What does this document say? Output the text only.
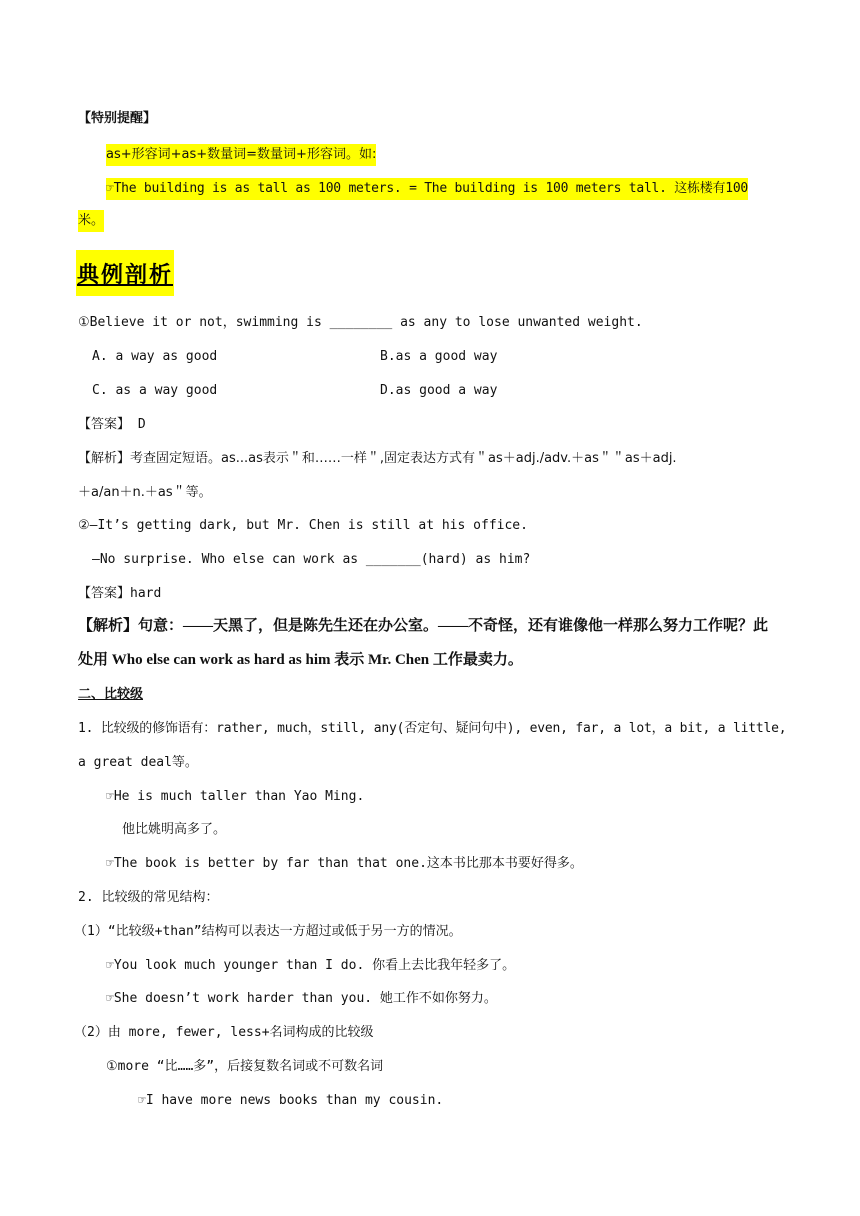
【特别提醒】
as+形容词+as+数量词=数量词+形容词。如:
☞The building is as tall as 100 meters. = The building is 100 meters tall. 这栋楼有100
米。
典例剖析
①Believe it or not，swimming is ________ as any to lose unwanted weight.
A. a way as good	B.as a good way
C. as a way good	D.as good a way
【答案】 D
【解析】考查固定短语。as...as表示＂和……一样＂,固定表达方式有＂as＋adj./adv.＋as＂＂as＋adj.
＋a/an＋n.＋as＂等。
②—It’s getting dark, but Mr. Chen is still at his office.
—No surprise. Who else can work as _______(hard) as him?
【答案】hard
【解析】句意：——天黑了，但是陈先生还在办公室。——不奇怪，还有谁像他一样那么努力工作呢？此
处用 Who else can work as hard as him 表示 Mr. Chen 工作最卖力。
二、比较级
1. 比较级的修饰语有：rather, much，still, any(否定句、疑问句中), even, far, a lot，a bit, a little,
a great deal等。
☞He is much taller than Yao Ming.
他比姚明高多了。
☞The book is better by far than that one.这本书比那本书要好得多。
2. 比较级的常见结构：
（1）“比较级+than”结构可以表达一方超过或低于另一方的情况。
☞You look much younger than I do. 你看上去比我年轻多了。
☞She doesn’t work harder than you. 她工作不如你努力。
（2）由 more, fewer, less+名词构成的比较级
①more “比……多”，后接复数名词或不可数名词
☞I have more news books than my cousin.
